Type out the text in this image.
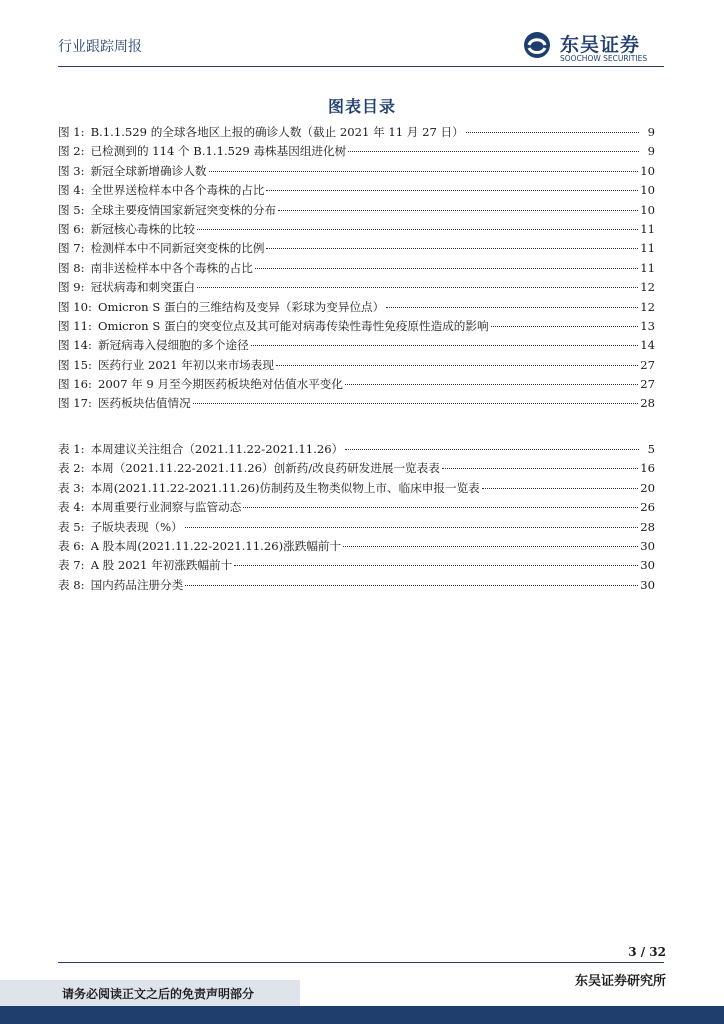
行业跟踪周报	东吴证券
SOOCHOW SECURITIES
图表目录
图 1: B.1.1.529 的全球各地区上报的确诊人数（截止 2021 年 11 月 27 日）	9
图 2: 已检测到的 114 个 B.1.1.529 毒株基因组进化树	9
图 3: 新冠全球新增确诊人数	10
图 4: 全世界送检样本中各个毒株的占比	10
图 5: 全球主要疫情国家新冠突变株的分布	10
图 6: 新冠核心毒株的比较	11
图 7: 检测样本中不同新冠突变株的比例	11
图 8: 南非送检样本中各个毒株的占比	11
图 9: 冠状病毒和刺突蛋白	12
图 10: Omicron S 蛋白的三维结构及变异（彩球为变异位点）	12
图 11: Omicron S 蛋白的突变位点及其可能对病毒传染性毒性免疫原性造成的影响	13
图 14: 新冠病毒入侵细胞的多个途径	14
图 15: 医药行业 2021 年初以来市场表现	27
图 16: 2007 年 9 月至今期医药板块绝对估值水平变化	27
图 17: 医药板块估值情况	28
表 1: 本周建议关注组合（2021.11.22-2021.11.26）	5
表 2: 本周（2021.11.22-2021.11.26）创新药/改良药研发进展一览表表	16
表 3: 本周(2021.11.22-2021.11.26)仿制药及生物类似物上市、临床申报一览表	20
表 4: 本周重要行业洞察与监管动态	26
表 5: 子版块表现（%）	28
表 6: A 股本周(2021.11.22-2021.11.26)涨跌幅前十	30
表 7: A 股 2021 年初涨跌幅前十	30
表 8: 国内药品注册分类	30
3 / 32
东吴证券研究所
请务必阅读正文之后的免责声明部分
